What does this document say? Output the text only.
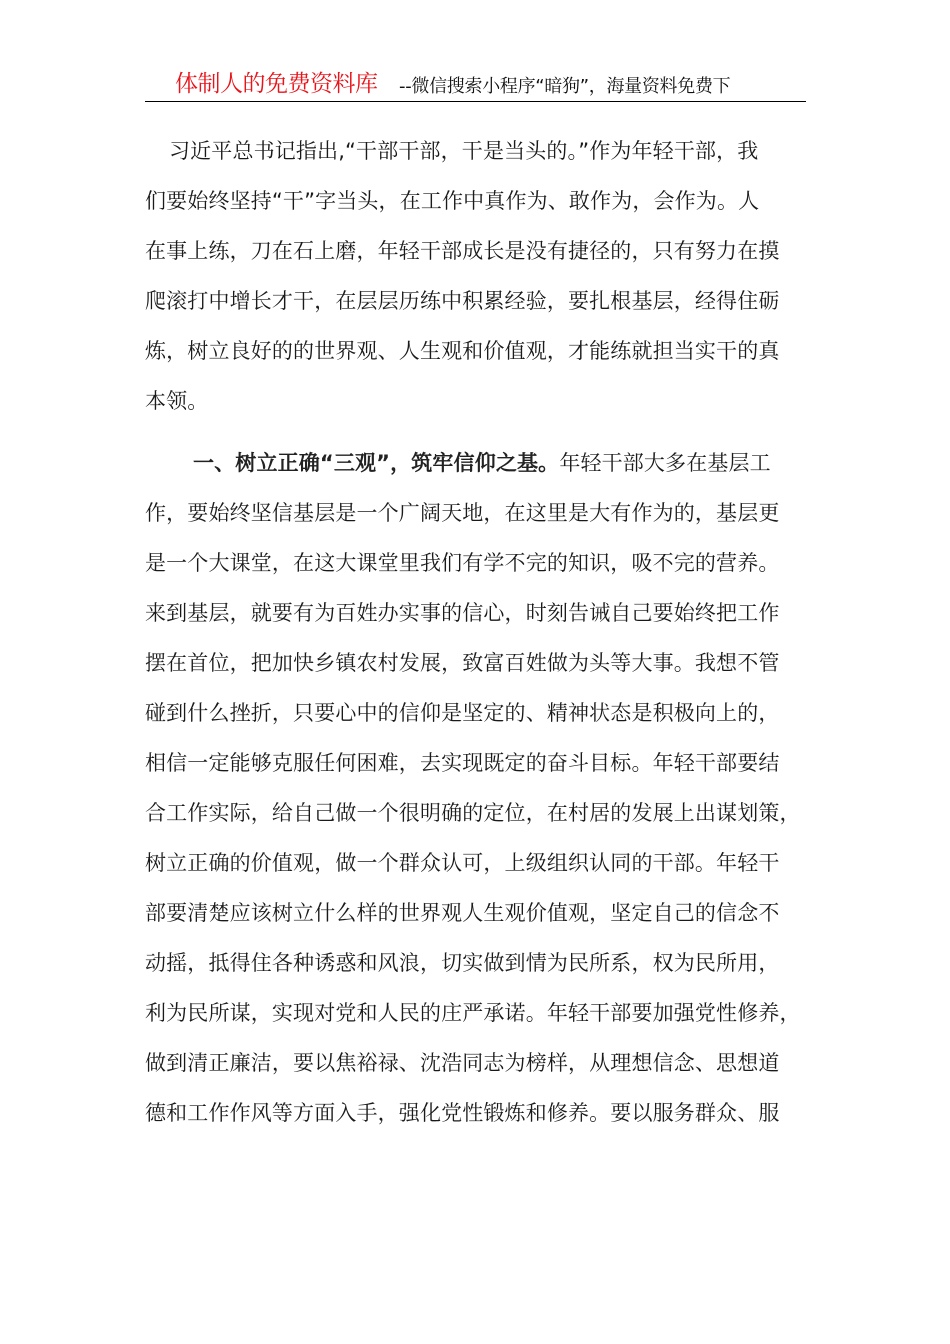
体制人的免费资料库 --微信搜索小程序“暗狗”，海量资料免费下
习近平总书记指出,“干部干部，干是当头的。”作为年轻干部，我
们要始终坚持“干”字当头，在工作中真作为、敢作为，会作为。人
在事上练，刀在石上磨，年轻干部成长是没有捷径的，只有努力在摸
爬滚打中增长才干，在层层历练中积累经验，要扎根基层，经得住砺
炼，树立良好的的世界观、人生观和价值观，才能练就担当实干的真
本领。
一、树立正确“三观”，筑牢信仰之基。年轻干部大多在基层工
作，要始终坚信基层是一个广阔天地，在这里是大有作为的，基层更
是一个大课堂，在这大课堂里我们有学不完的知识，吸不完的营养。
来到基层，就要有为百姓办实事的信心，时刻告诫自己要始终把工作
摆在首位，把加快乡镇农村发展，致富百姓做为头等大事。我想不管
碰到什么挫折，只要心中的信仰是坚定的、精神状态是积极向上的，
相信一定能够克服任何困难，去实现既定的奋斗目标。年轻干部要结
合工作实际，给自己做一个很明确的定位，在村居的发展上出谋划策，
树立正确的价值观，做一个群众认可，上级组织认同的干部。年轻干
部要清楚应该树立什么样的世界观人生观价值观，坚定自己的信念不
动摇，抵得住各种诱惑和风浪，切实做到情为民所系，权为民所用，
利为民所谋，实现对党和人民的庄严承诺。年轻干部要加强党性修养，
做到清正廉洁，要以焦裕禄、沈浩同志为榜样，从理想信念、思想道
德和工作作风等方面入手，强化党性锻炼和修养。要以服务群众、服
